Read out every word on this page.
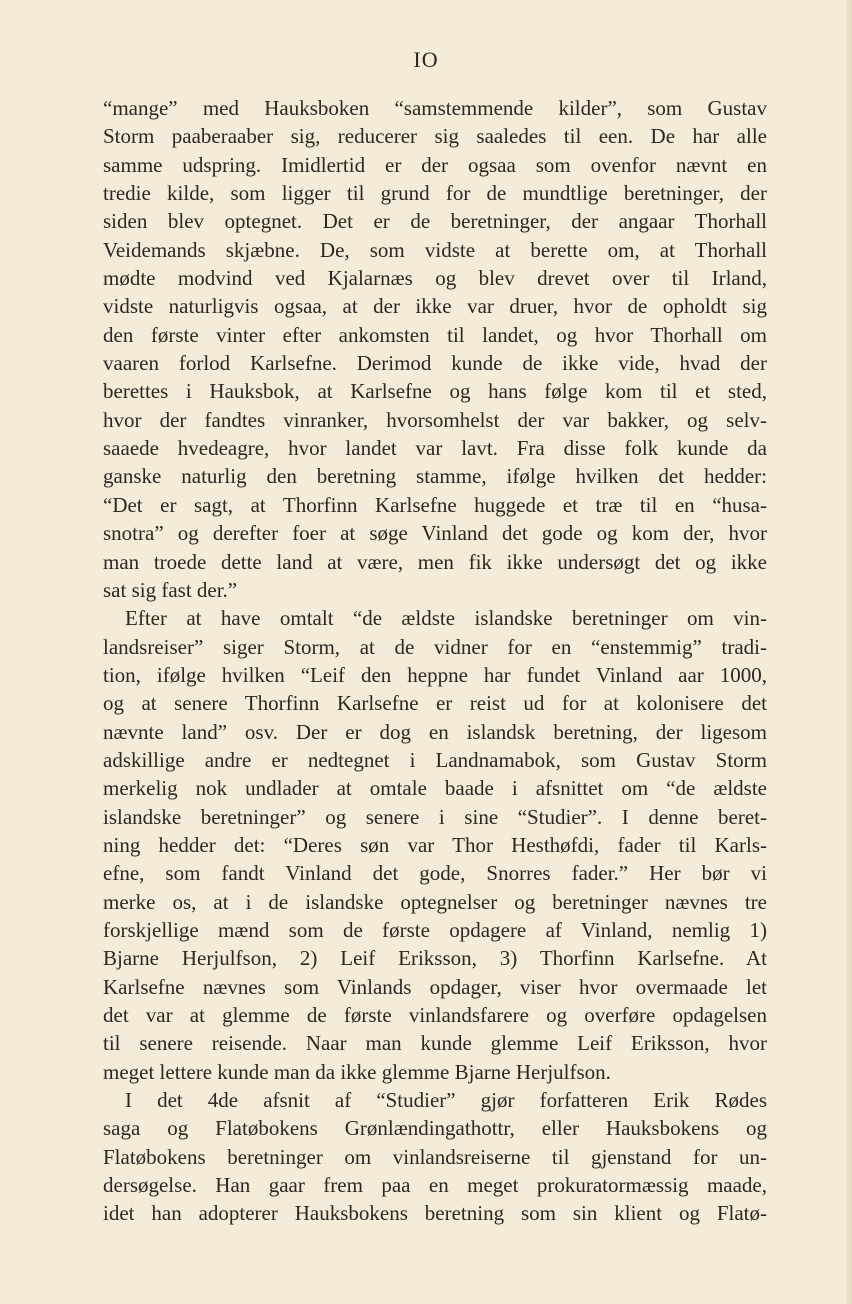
IO
“mange” med Hauksboken “samstemmende kilder”, som Gustav
Storm paaberaaber sig, reducerer sig saaledes til een. De har alle
samme udspring. Imidlertid er der ogsaa som ovenfor nævnt en
tredie kilde, som ligger til grund for de mundtlige beretninger, der
siden blev optegnet. Det er de beretninger, der angaar Thorhall
Veidemands skjæbne. De, som vidste at berette om, at Thorhall
mødte modvind ved Kjalarnæs og blev drevet over til Irland,
vidste naturligvis ogsaa, at der ikke var druer, hvor de opholdt sig
den første vinter efter ankomsten til landet, og hvor Thorhall om
vaaren forlod Karlsefne. Derimod kunde de ikke vide, hvad der
berettes i Hauksbok, at Karlsefne og hans følge kom til et sted,
hvor der fandtes vinranker, hvorsomhelst der var bakker, og selv-
saaede hvedeagre, hvor landet var lavt. Fra disse folk kunde da
ganske naturlig den beretning stamme, ifølge hvilken det hedder:
“Det er sagt, at Thorfinn Karlsefne huggede et træ til en “husa-
snotra” og derefter foer at søge Vinland det gode og kom der, hvor
man troede dette land at være, men fik ikke undersøgt det og ikke
sat sig fast der.”
Efter at have omtalt “de ældste islandske beretninger om vin-
landsreiser” siger Storm, at de vidner for en “enstemmig” tradi-
tion, ifølge hvilken “Leif den heppne har fundet Vinland aar 1000,
og at senere Thorfinn Karlsefne er reist ud for at kolonisere det
nævnte land” osv. Der er dog en islandsk beretning, der ligesom
adskillige andre er nedtegnet i Landnamabok, som Gustav Storm
merkelig nok undlader at omtale baade i afsnittet om “de ældste
islandske beretninger” og senere i sine “Studier”. I denne beret-
ning hedder det: “Deres søn var Thor Hesthøfdi, fader til Karls-
efne, som fandt Vinland det gode, Snorres fader.” Her bør vi
merke os, at i de islandske optegnelser og beretninger nævnes tre
forskjellige mænd som de første opdagere af Vinland, nemlig 1)
Bjarne Herjulfson, 2) Leif Eriksson, 3) Thorfinn Karlsefne. At
Karlsefne nævnes som Vinlands opdager, viser hvor overmaade let
det var at glemme de første vinlandsfarere og overføre opdagelsen
til senere reisende. Naar man kunde glemme Leif Eriksson, hvor
meget lettere kunde man da ikke glemme Bjarne Herjulfson.
I det 4de afsnit af “Studier” gjør forfatteren Erik Rødes
saga og Flatøbokens Grønlændingathottr, eller Hauksbokens og
Flatøbokens beretninger om vinlandsreiserne til gjenstand for un-
dersøgelse. Han gaar frem paa en meget prokuratormæssig maade,
idet han adopterer Hauksbokens beretning som sin klient og Flatø-
